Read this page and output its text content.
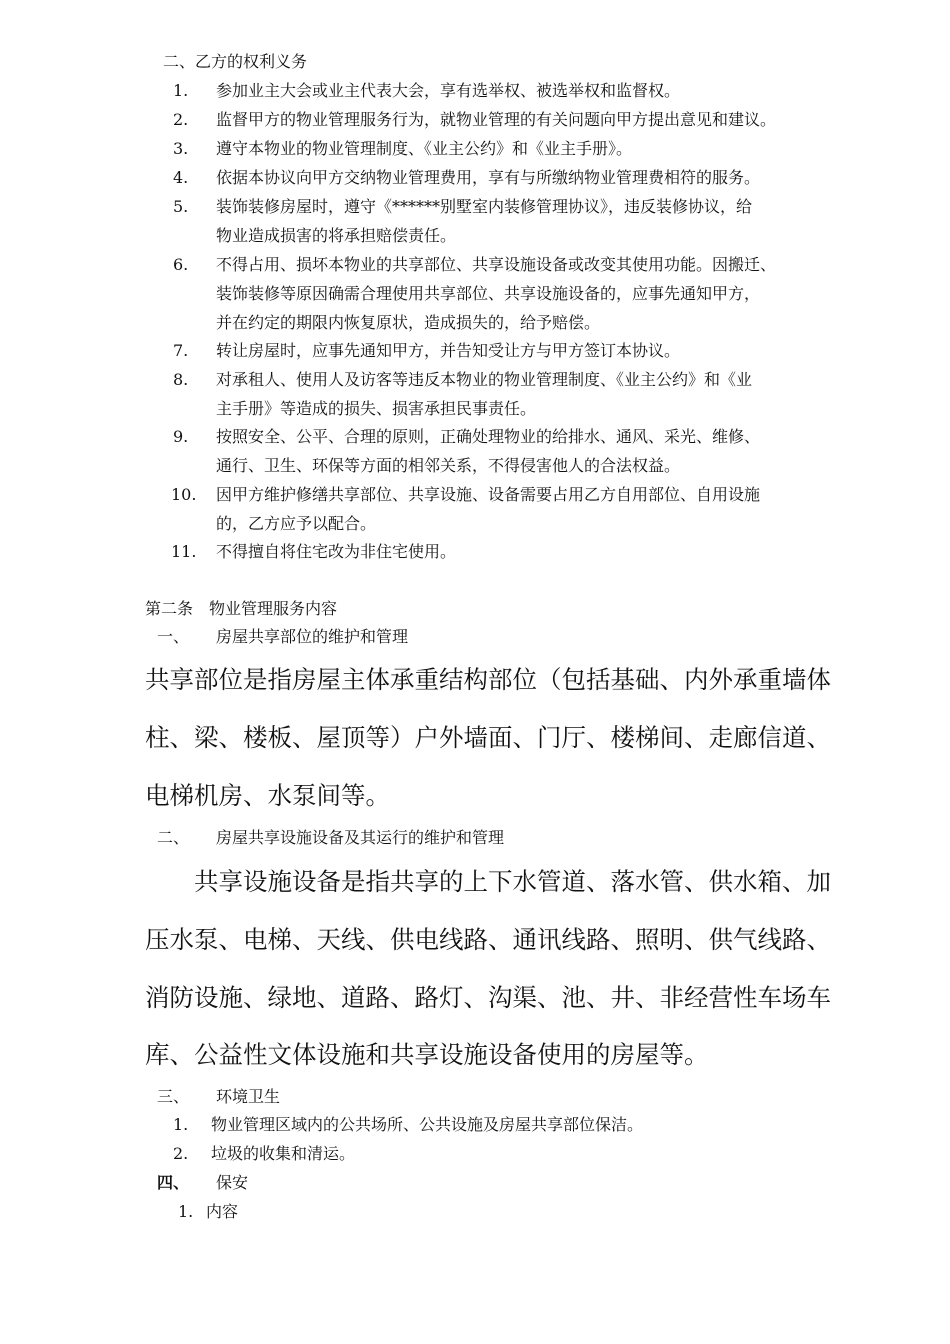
二、乙方的权利义务
1. 参加业主大会或业主代表大会，享有选举权、被选举权和监督权。
2. 监督甲方的物业管理服务行为，就物业管理的有关问题向甲方提出意见和建议。
3. 遵守本物业的物业管理制度、《业主公约》和《业主手册》。
4. 依据本协议向甲方交纳物业管理费用，享有与所缴纳物业管理费相符的服务。
5. 装饰装修房屋时，遵守《******别墅室内装修管理协议》，违反装修协议，给
物业造成损害的将承担赔偿责任。
6. 不得占用、损坏本物业的共享部位、共享设施设备或改变其使用功能。因搬迁、
装饰装修等原因确需合理使用共享部位、共享设施设备的，应事先通知甲方，
并在约定的期限内恢复原状，造成损失的，给予赔偿。
7. 转让房屋时，应事先通知甲方，并告知受让方与甲方签订本协议。
8. 对承租人、使用人及访客等违反本物业的物业管理制度、《业主公约》和《业
主手册》等造成的损失、损害承担民事责任。
9. 按照安全、公平、合理的原则，正确处理物业的给排水、通风、采光、维修、
通行、卫生、环保等方面的相邻关系，不得侵害他人的合法权益。
10. 因甲方维护修缮共享部位、共享设施、设备需要占用乙方自用部位、自用设施
的，乙方应予以配合。
11. 不得擅自将住宅改为非住宅使用。
第二条　物业管理服务内容
一、 房屋共享部位的维护和管理
共享部位是指房屋主体承重结构部位（包括基础、内外承重墙体
柱、梁、楼板、屋顶等）户外墙面、门厅、楼梯间、走廊信道、
电梯机房、水泵间等。
二、 房屋共享设施设备及其运行的维护和管理
共享设施设备是指共享的上下水管道、落水管、供水箱、加
压水泵、电梯、天线、供电线路、通讯线路、照明、供气线路、
消防设施、绿地、道路、路灯、沟渠、池、井、非经营性车场车
库、公益性文体设施和共享设施设备使用的房屋等。
三、 环境卫生
1. 物业管理区域内的公共场所、公共设施及房屋共享部位保洁。
2. 垃圾的收集和清运。
四、 保安
1. 内容
